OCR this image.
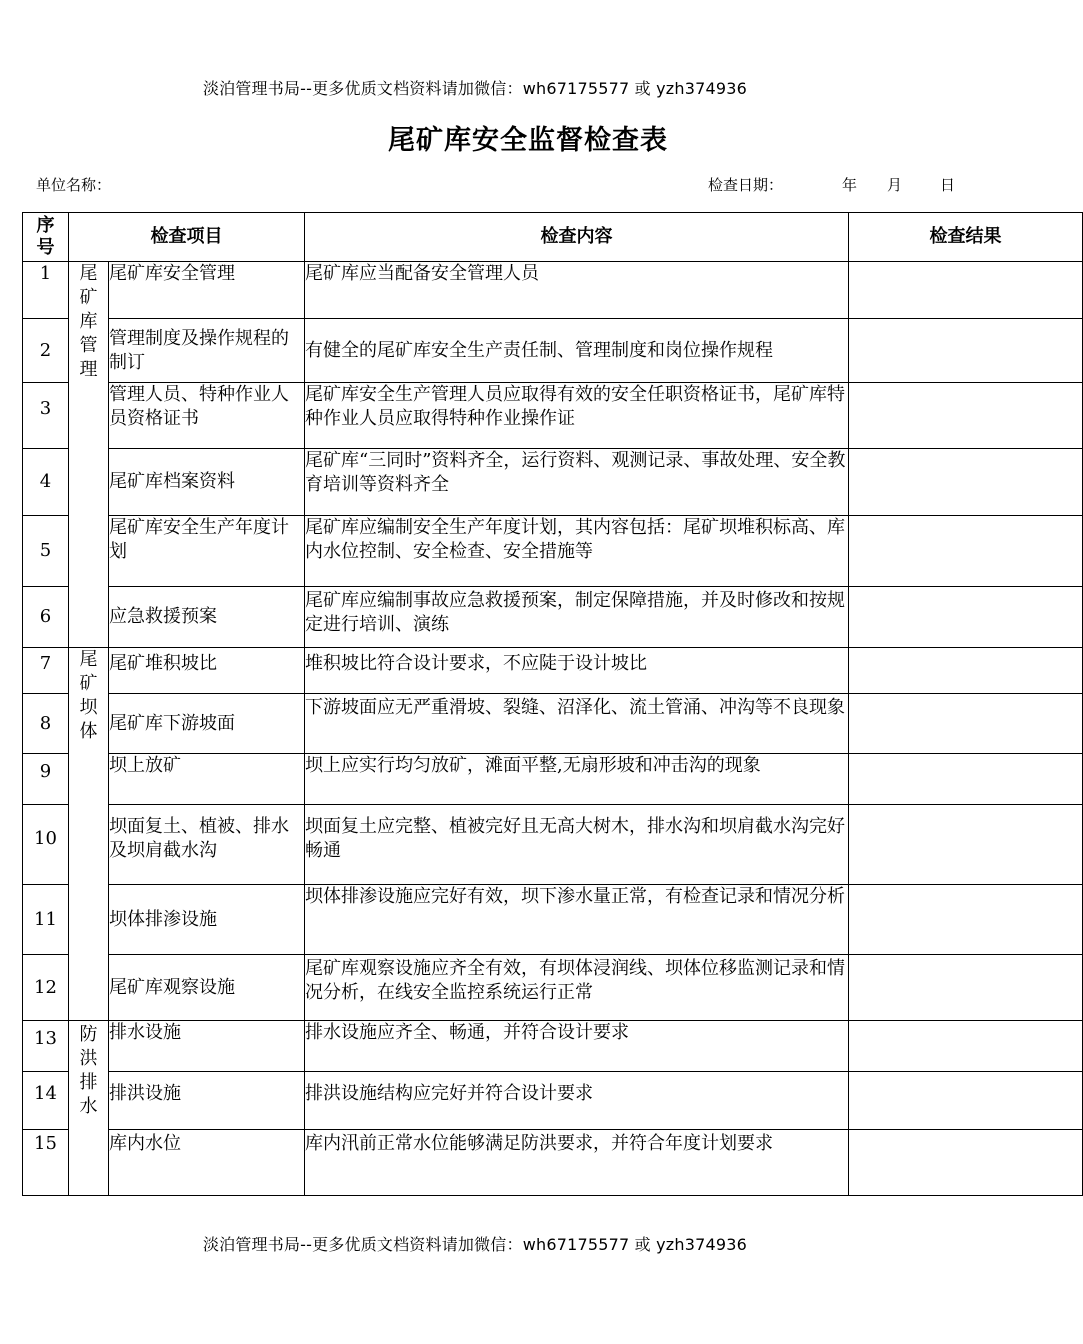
淡泊管理书局--更多优质文档资料请加微信：wh67175577 或 yzh374936
尾矿库安全监督检查表
单位名称：	检查日期：	年 月	日
序号	检查项目		检查内容	检查结果
1	尾矿库管理	尾矿库安全管理	尾矿库应当配备安全管理人员	
2		管理制度及操作规程的制订	有健全的尾矿库安全生产责任制、管理制度和岗位操作规程	
3		管理人员、特种作业人员资格证书	尾矿库安全生产管理人员应取得有效的安全任职资格证书，尾矿库特种作业人员应取得特种作业操作证	
4		尾矿库档案资料	尾矿库“三同时”资料齐全，运行资料、观测记录、事故处理、安全教育培训等资料齐全	
5		尾矿库安全生产年度计划	尾矿库应编制安全生产年度计划，其内容包括：尾矿坝堆积标高、库内水位控制、安全检查、安全措施等	
6		应急救援预案	尾矿库应编制事故应急救援预案，制定保障措施，并及时修改和按规定进行培训、演练	
7	尾矿坝体	尾矿堆积坡比	堆积坡比符合设计要求，不应陡于设计坡比	
8		尾矿库下游坡面	下游坡面应无严重滑坡、裂缝、沼泽化、流土管涌、冲沟等不良现象	
9		坝上放矿	坝上应实行均匀放矿，滩面平整,无扇形坡和冲击沟的现象	
10		坝面复土、植被、排水及坝肩截水沟	坝面复土应完整、植被完好且无高大树木，排水沟和坝肩截水沟完好畅通	
11		坝体排渗设施	坝体排渗设施应完好有效，坝下渗水量正常，有检查记录和情况分析	
12		尾矿库观察设施	尾矿库观察设施应齐全有效，有坝体浸润线、坝体位移监测记录和情况分析，在线安全监控系统运行正常	
13	防洪排水	排水设施	排水设施应齐全、畅通，并符合设计要求	
14		排洪设施	排洪设施结构应完好并符合设计要求	
15		库内水位	库内汛前正常水位能够满足防洪要求，并符合年度计划要求	
淡泊管理书局--更多优质文档资料请加微信：wh67175577 或 yzh374936
